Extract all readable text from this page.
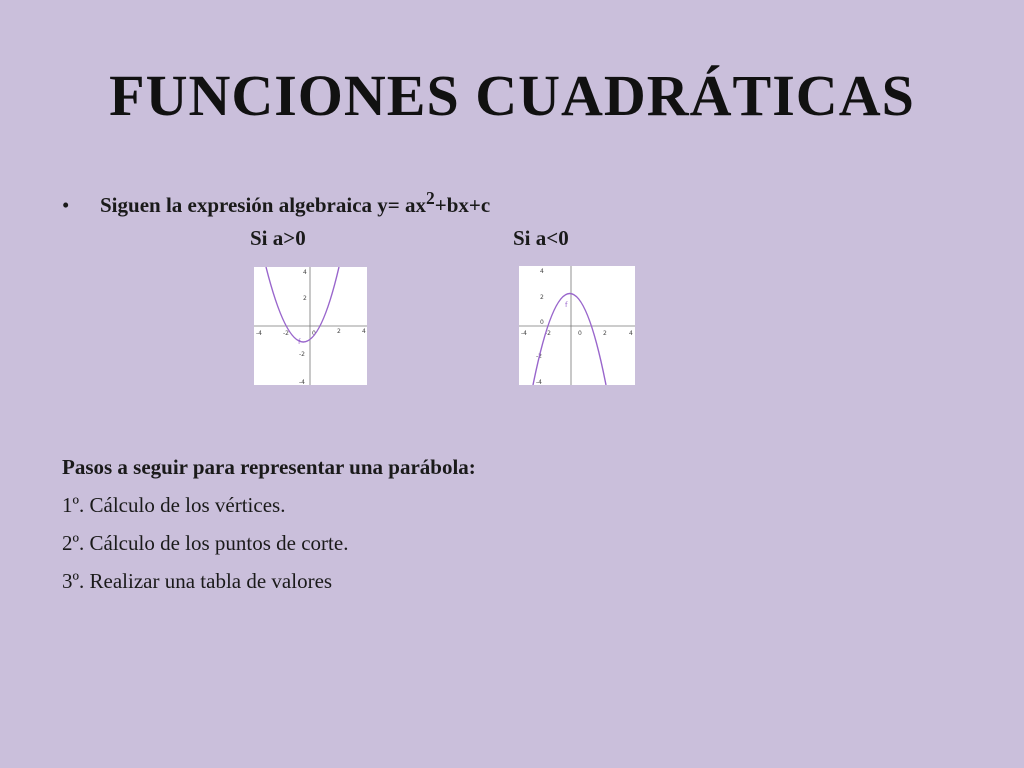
FUNCIONES CUADRÁTICAS
• Siguen la expresión algebraica $y= ax^2+bx+c$
Si a>0	Si a<0
-4	-2	0	2	4
4
2
-2
-4
f
-4	-2	0	2	4
4
2
0
-2
-4
f
Pasos a seguir para representar una parábola:
1º. Cálculo de los vértices.
2º. Cálculo de los puntos de corte.
3º. Realizar una tabla de valores
